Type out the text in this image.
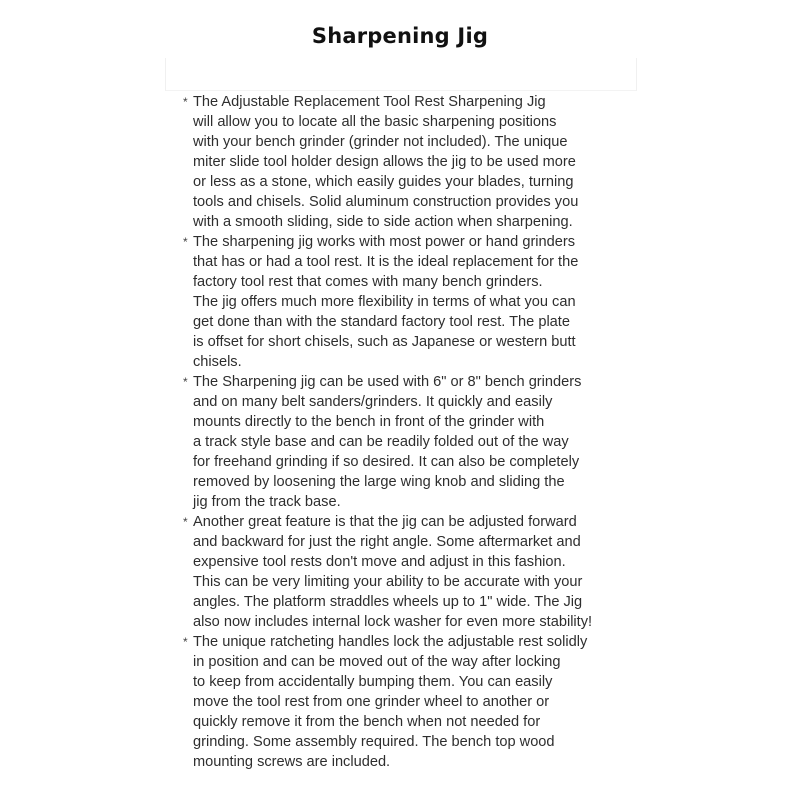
Sharpening Jig
* The Adjustable Replacement Tool Rest Sharpening Jig
will allow you to locate all the basic sharpening positions
with your bench grinder (grinder not included). The unique
miter slide tool holder design allows the jig to be used more
or less as a stone, which easily guides your blades, turning
tools and chisels. Solid aluminum construction provides you
with a smooth sliding, side to side action when sharpening.
* The sharpening jig works with most power or hand grinders
that has or had a tool rest. It is the ideal replacement for the
factory tool rest that comes with many bench grinders.
The jig offers much more flexibility in terms of what you can
get done than with the standard factory tool rest. The plate
is offset for short chisels, such as Japanese or western butt
chisels.
* The Sharpening jig can be used with 6" or 8" bench grinders
and on many belt sanders/grinders. It quickly and easily
mounts directly to the bench in front of the grinder with
a track style base and can be readily folded out of the way
for freehand grinding if so desired. It can also be completely
removed by loosening the large wing knob and sliding the
jig from the track base.
* Another great feature is that the jig can be adjusted forward
and backward for just the right angle. Some aftermarket and
expensive tool rests don't move and adjust in this fashion.
This can be very limiting your ability to be accurate with your
angles. The platform straddles wheels up to 1" wide. The Jig
also now includes internal lock washer for even more stability!
* The unique ratcheting handles lock the adjustable rest solidly
in position and can be moved out of the way after locking
to keep from accidentally bumping them. You can easily
move the tool rest from one grinder wheel to another or
quickly remove it from the bench when not needed for
grinding. Some assembly required. The bench top wood
mounting screws are included.
